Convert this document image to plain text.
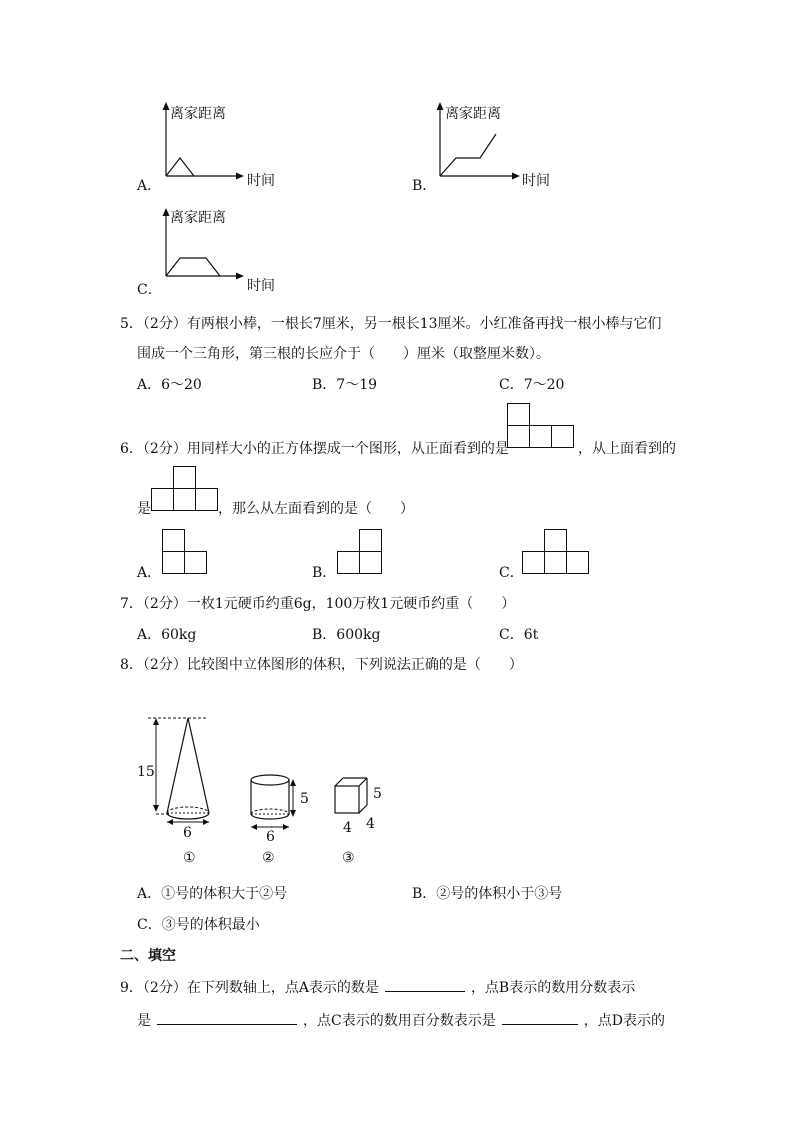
离家距离
时间
A．
离家距离
时间
B．
离家距离
时间
C．
5．（2分）有两根小棒，一根长7厘米，另一根长13厘米。小红准备再找一根小棒与它们
围成一个三角形，第三根的长应介于（　　）厘米（取整厘米数）。
A．6～20	B．7～19	C．7～20
6．（2分）用同样大小的正方体摆成一个图形，从正面看到的是	，从上面看到的
是	，那么从左面看到的是（　　）
A．	B．	C．
7．（2分）一枚1元硬币约重6g，100万枚1元硬币约重（　　）
A．60kg	B．600kg	C．6t
8．（2分）比较图中立体图形的体积，下列说法正确的是（　　）
15
6
①
5
6
②
5
4 4
③
A．①号的体积大于②号	B．②号的体积小于③号
C．③号的体积最小
二、填空
9．（2分）在下列数轴上，点A表示的数是	，点B表示的数用分数表示
是	，点C表示的数用百分数表示是	，点D表示的
